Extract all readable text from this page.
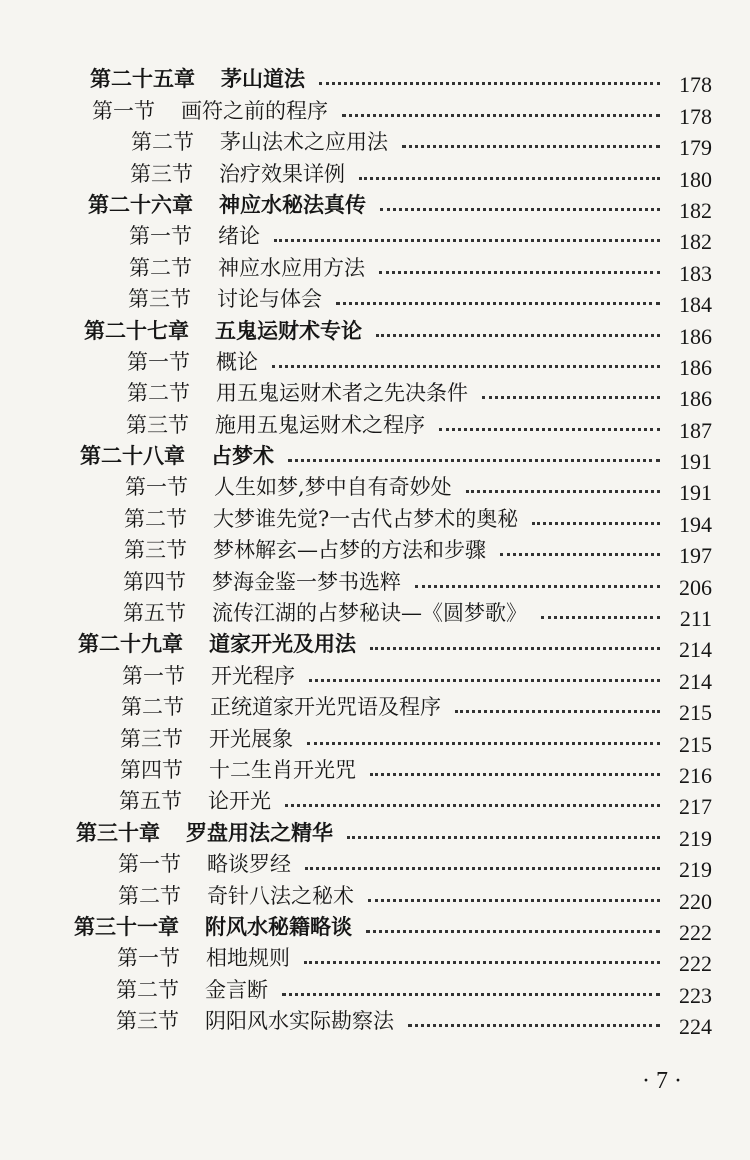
第二十五章 茅山道法	178
第一节 画符之前的程序	178
第二节 茅山法术之应用法	179
第三节 治疗效果详例	180
第二十六章 神应水秘法真传	182
第一节 绪论	182
第二节 神应水应用方法	183
第三节 讨论与体会	184
第二十七章 五鬼运财术专论	186
第一节 概论	186
第二节 用五鬼运财术者之先决条件	186
第三节 施用五鬼运财术之程序	187
第二十八章 占梦术	191
第一节 人生如梦,梦中自有奇妙处	191
第二节 大梦谁先觉?一古代占梦术的奥秘	194
第三节 梦林解玄—占梦的方法和步骤	197
第四节 梦海金鉴一梦书选粹	206
第五节 流传江湖的占梦秘诀—《圆梦歌》	211
第二十九章 道家开光及用法	214
第一节 开光程序	214
第二节 正统道家开光咒语及程序	215
第三节 开光展象	215
第四节 十二生肖开光咒	216
第五节 论开光	217
第三十章 罗盘用法之精华	219
第一节 略谈罗经	219
第二节 奇针八法之秘术	220
第三十一章 附风水秘籍略谈	222
第一节 相地规则	222
第二节 金言断	223
第三节 阴阳风水实际勘察法	224
· 7 ·
